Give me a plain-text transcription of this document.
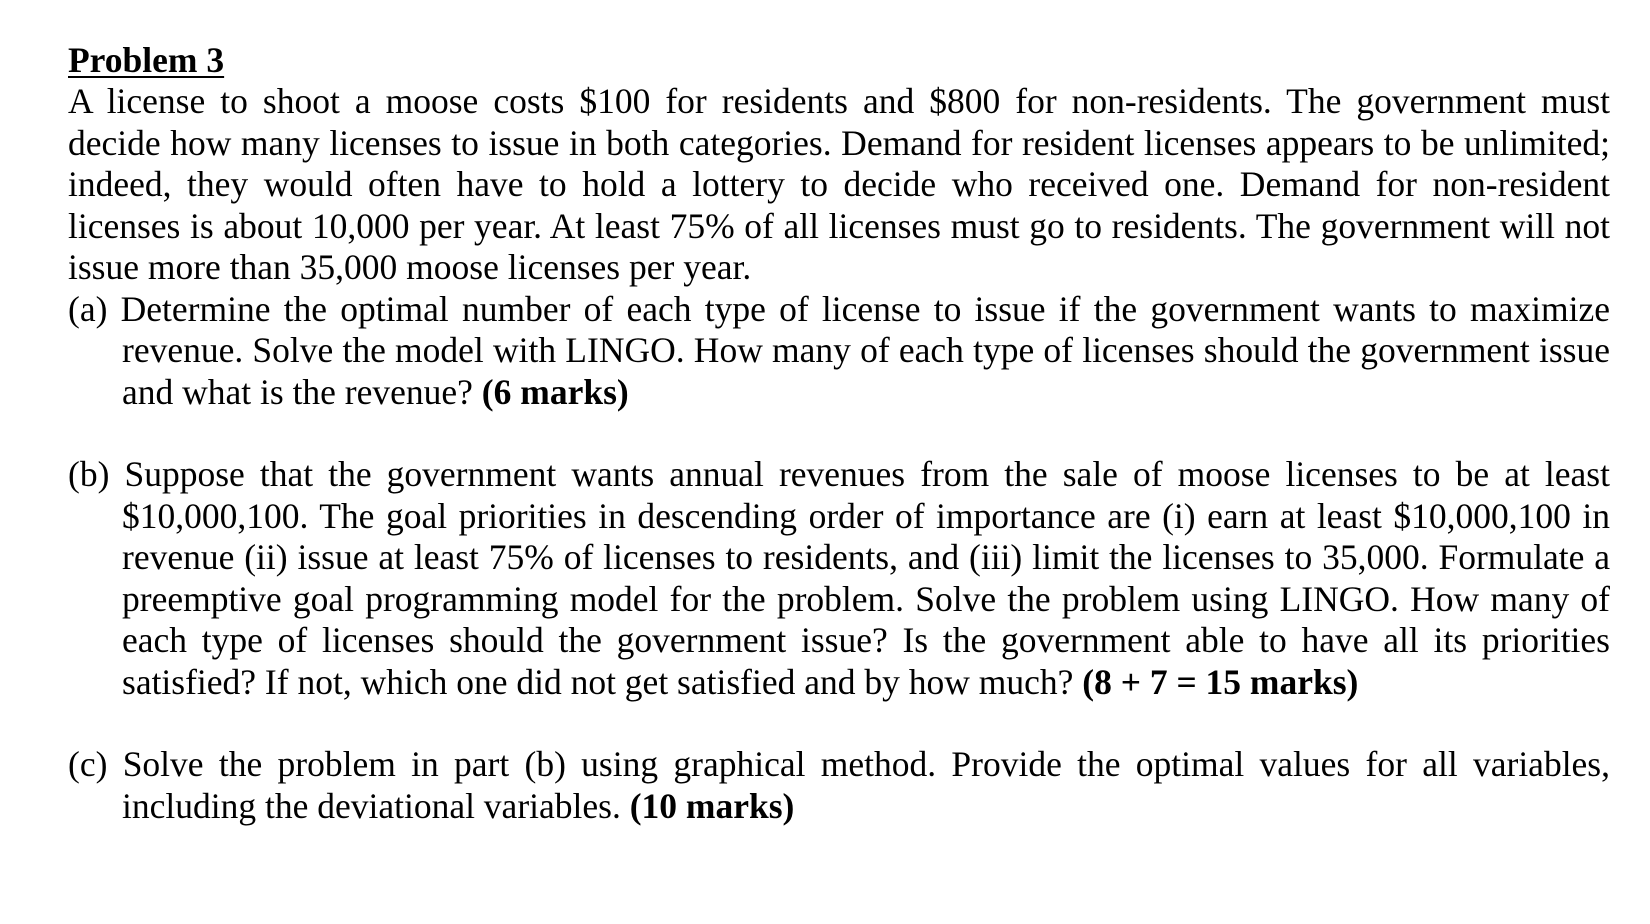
Problem 3

A license to shoot a moose costs $100 for residents and $800 for non-residents. The government must decide how many licenses to issue in both categories. Demand for resident licenses appears to be unlimited; indeed, they would often have to hold a lottery to decide who received one. Demand for non-resident licenses is about 10,000 per year. At least 75% of all licenses must go to residents. The government will not issue more than 35,000 moose licenses per year.

(a) Determine the optimal number of each type of license to issue if the government wants to maximize revenue. Solve the model with LINGO. How many of each type of licenses should the government issue and what is the revenue? (6 marks)

(b) Suppose that the government wants annual revenues from the sale of moose licenses to be at least $10,000,100. The goal priorities in descending order of importance are (i) earn at least $10,000,100 in revenue (ii) issue at least 75% of licenses to residents, and (iii) limit the licenses to 35,000. Formulate a preemptive goal programming model for the problem. Solve the problem using LINGO. How many of each type of licenses should the government issue? Is the government able to have all its priorities satisfied? If not, which one did not get satisfied and by how much? (8 + 7 = 15 marks)

(c) Solve the problem in part (b) using graphical method. Provide the optimal values for all variables, including the deviational variables. (10 marks)
